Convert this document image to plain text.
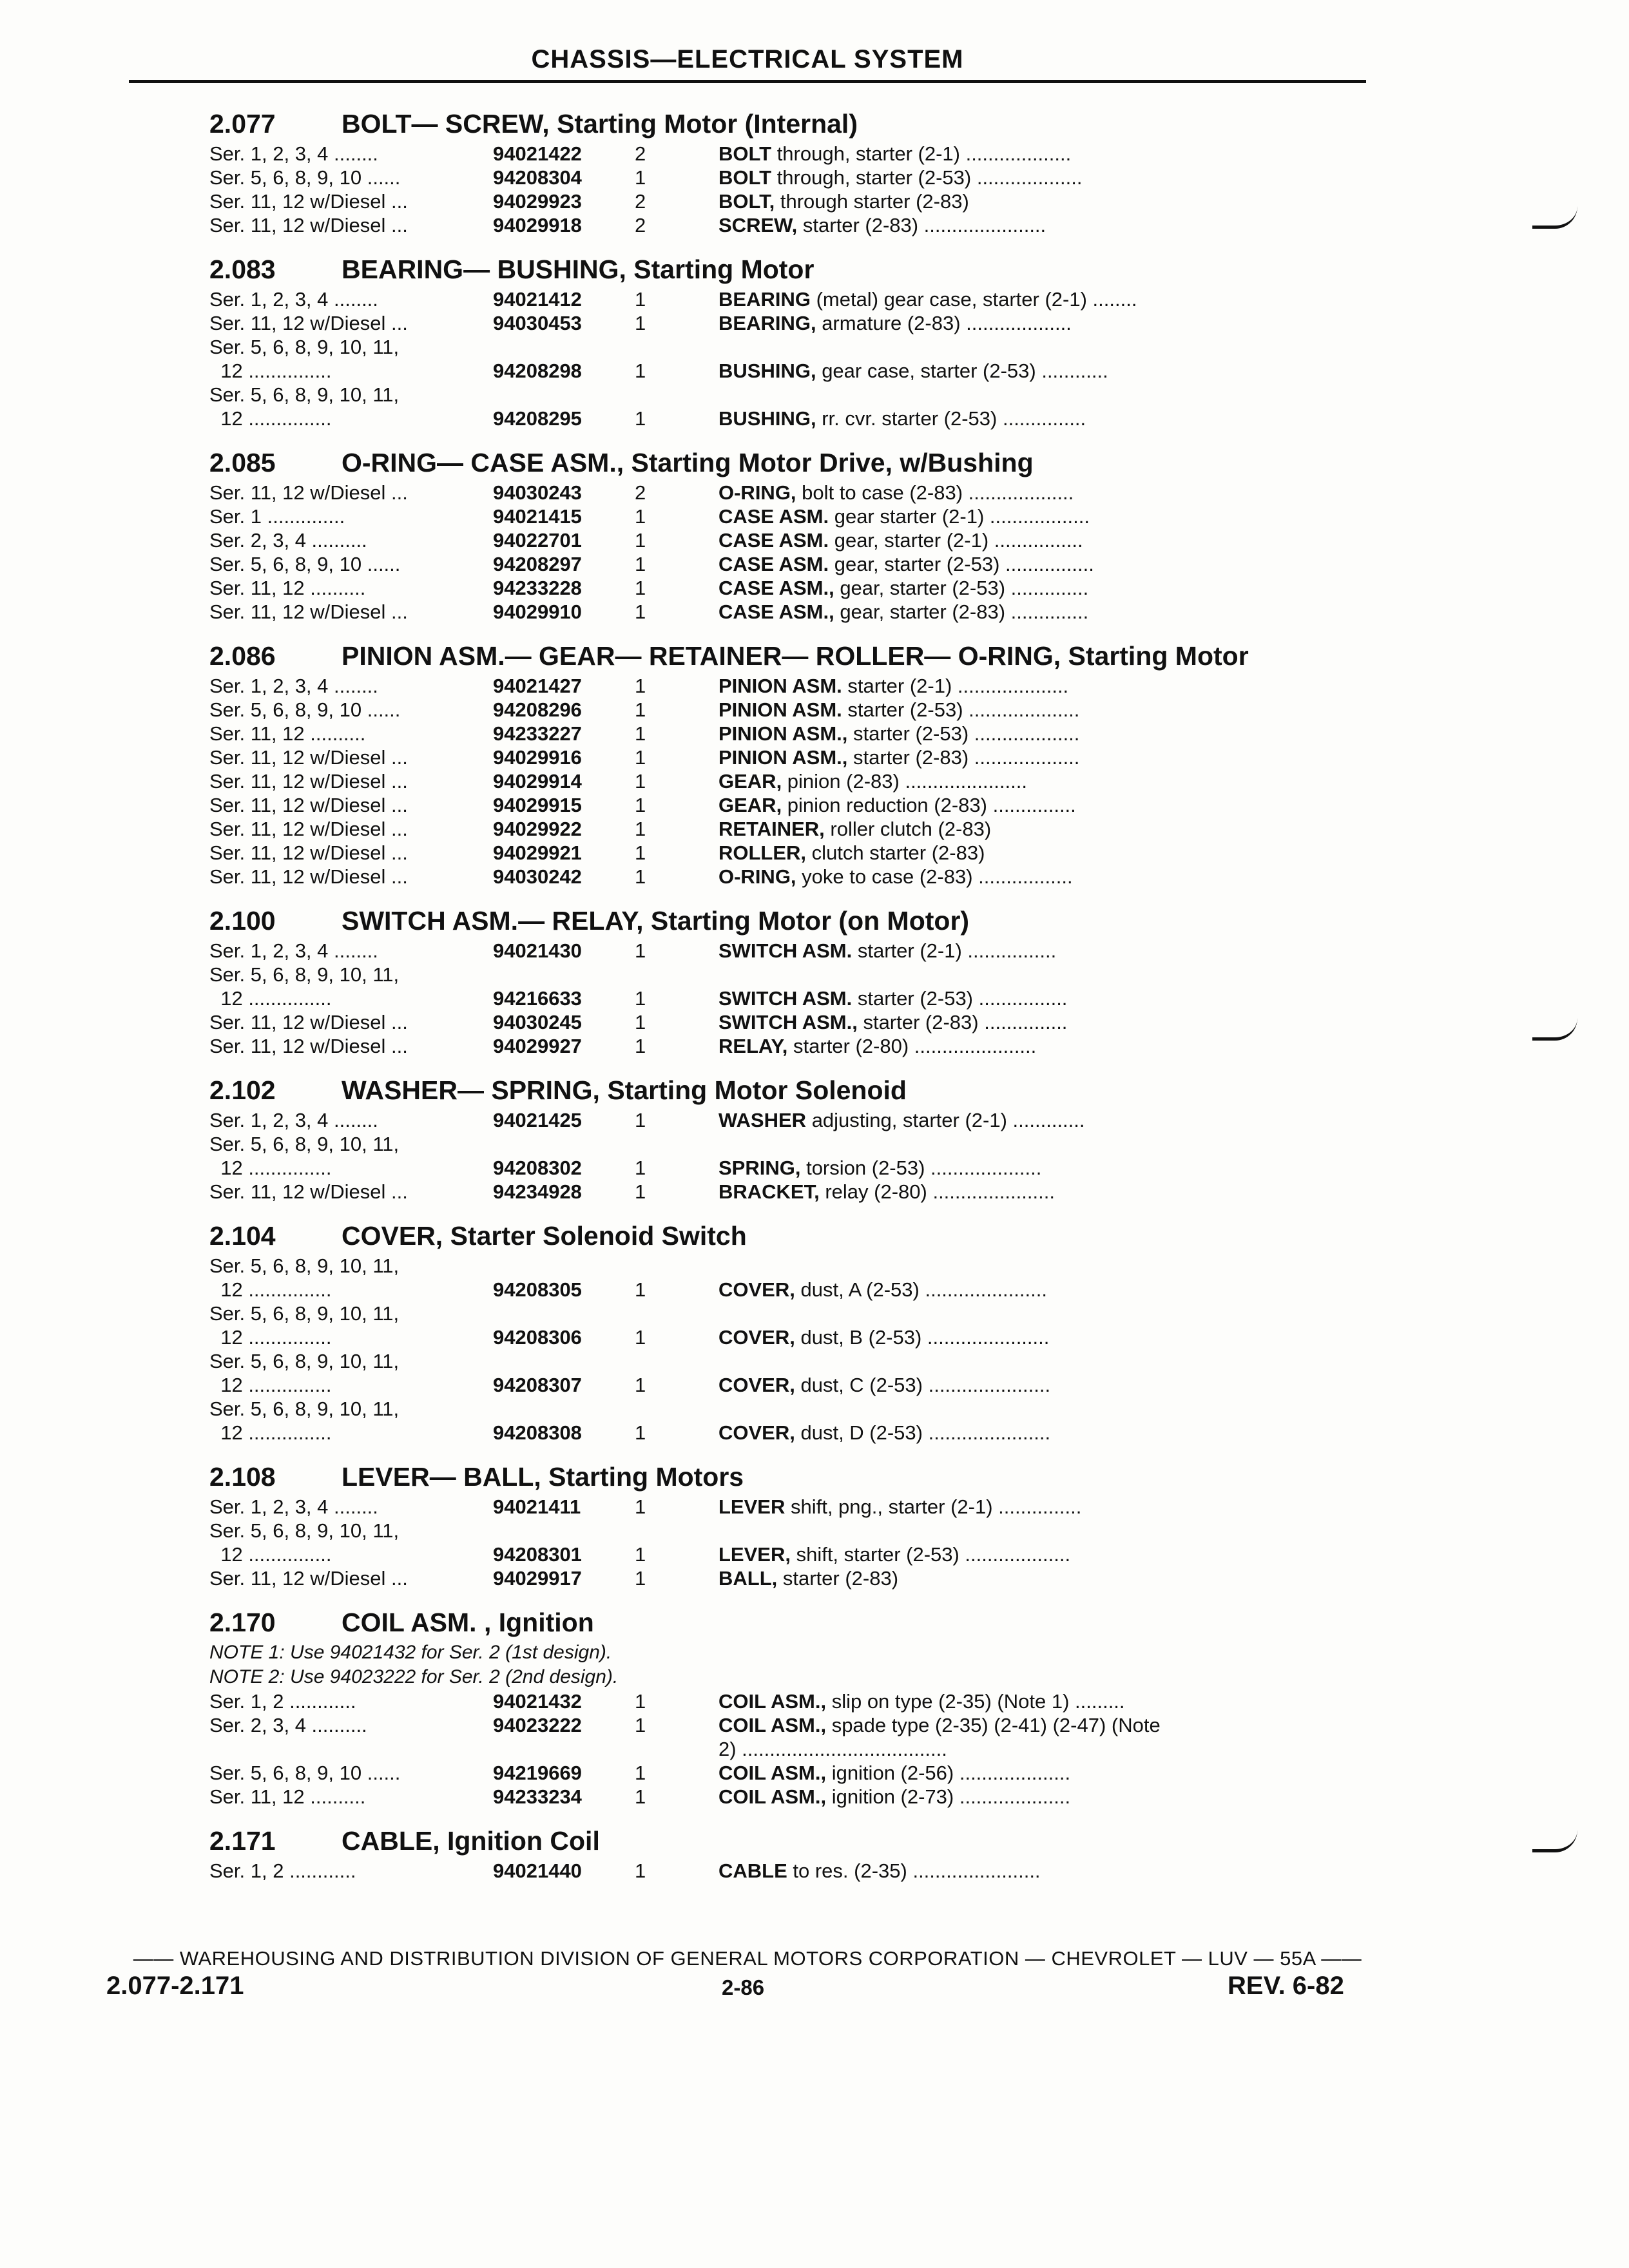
CHASSIS—ELECTRICAL SYSTEM
2.077	BOLT— SCREW, Starting Motor (Internal)
Ser. 1, 2, 3, 4 ........	94021422	2	BOLT through, starter (2-1) ...................
Ser. 5, 6, 8, 9, 10 ......	94208304	1	BOLT through, starter (2-53) ...................
Ser. 11, 12 w/Diesel ...	94029923	2	BOLT, through starter (2-83)
Ser. 11, 12 w/Diesel ...	94029918	2	SCREW, starter (2-83) ......................
2.083	BEARING— BUSHING, Starting Motor
Ser. 1, 2, 3, 4 ........	94021412	1	BEARING (metal) gear case, starter (2-1) ........
Ser. 11, 12 w/Diesel ...	94030453	1	BEARING, armature (2-83) ...................
Ser. 5, 6, 8, 9, 10, 11,
12 ...............	94208298	1	BUSHING, gear case, starter (2-53) ............
Ser. 5, 6, 8, 9, 10, 11,
12 ...............	94208295	1	BUSHING, rr. cvr. starter (2-53) ...............
2.085	O-RING— CASE ASM., Starting Motor Drive, w/Bushing
Ser. 11, 12 w/Diesel ...	94030243	2	O-RING, bolt to case (2-83) ...................
Ser. 1 ..............	94021415	1	CASE ASM. gear starter (2-1) ..................
Ser. 2, 3, 4 ..........	94022701	1	CASE ASM. gear, starter (2-1) ................
Ser. 5, 6, 8, 9, 10 ......	94208297	1	CASE ASM. gear, starter (2-53) ................
Ser. 11, 12 ..........	94233228	1	CASE ASM., gear, starter (2-53) ..............
Ser. 11, 12 w/Diesel ...	94029910	1	CASE ASM., gear, starter (2-83) ..............
2.086	PINION ASM.— GEAR— RETAINER— ROLLER— O-RING, Starting Motor
Ser. 1, 2, 3, 4 ........	94021427	1	PINION ASM. starter (2-1) ....................
Ser. 5, 6, 8, 9, 10 ......	94208296	1	PINION ASM. starter (2-53) ....................
Ser. 11, 12 ..........	94233227	1	PINION ASM., starter (2-53) ...................
Ser. 11, 12 w/Diesel ...	94029916	1	PINION ASM., starter (2-83) ...................
Ser. 11, 12 w/Diesel ...	94029914	1	GEAR, pinion (2-83) ......................
Ser. 11, 12 w/Diesel ...	94029915	1	GEAR, pinion reduction (2-83) ...............
Ser. 11, 12 w/Diesel ...	94029922	1	RETAINER, roller clutch (2-83)
Ser. 11, 12 w/Diesel ...	94029921	1	ROLLER, clutch starter (2-83)
Ser. 11, 12 w/Diesel ...	94030242	1	O-RING, yoke to case (2-83) .................
2.100	SWITCH ASM.— RELAY, Starting Motor (on Motor)
Ser. 1, 2, 3, 4 ........	94021430	1	SWITCH ASM. starter (2-1) ................
Ser. 5, 6, 8, 9, 10, 11,
12 ...............	94216633	1	SWITCH ASM. starter (2-53) ................
Ser. 11, 12 w/Diesel ...	94030245	1	SWITCH ASM., starter (2-83) ...............
Ser. 11, 12 w/Diesel ...	94029927	1	RELAY, starter (2-80) ......................
2.102	WASHER— SPRING, Starting Motor Solenoid
Ser. 1, 2, 3, 4 ........	94021425	1	WASHER adjusting, starter (2-1) .............
Ser. 5, 6, 8, 9, 10, 11,
12 ...............	94208302	1	SPRING, torsion (2-53) ....................
Ser. 11, 12 w/Diesel ...	94234928	1	BRACKET, relay (2-80) ......................
2.104	COVER, Starter Solenoid Switch
Ser. 5, 6, 8, 9, 10, 11,
12 ...............	94208305	1	COVER, dust, A (2-53) ......................
Ser. 5, 6, 8, 9, 10, 11,
12 ...............	94208306	1	COVER, dust, B (2-53) ......................
Ser. 5, 6, 8, 9, 10, 11,
12 ...............	94208307	1	COVER, dust, C (2-53) ......................
Ser. 5, 6, 8, 9, 10, 11,
12 ...............	94208308	1	COVER, dust, D (2-53) ......................
2.108	LEVER— BALL, Starting Motors
Ser. 1, 2, 3, 4 ........	94021411	1	LEVER shift, png., starter (2-1) ...............
Ser. 5, 6, 8, 9, 10, 11,
12 ...............	94208301	1	LEVER, shift, starter (2-53) ...................
Ser. 11, 12 w/Diesel ...	94029917	1	BALL, starter (2-83)
2.170	COIL ASM. , Ignition
NOTE 1: Use 94021432 for Ser. 2 (1st design).
NOTE 2: Use 94023222 for Ser. 2 (2nd design).
Ser. 1, 2 ............	94021432	1	COIL ASM., slip on type (2-35) (Note 1) .........
Ser. 2, 3, 4 ..........	94023222	1	COIL ASM., spade type (2-35) (2-41) (2-47) (Note
2) .....................................
Ser. 5, 6, 8, 9, 10 ......	94219669	1	COIL ASM., ignition (2-56) ....................
Ser. 11, 12 ..........	94233234	1	COIL ASM., ignition (2-73) ....................
2.171	CABLE, Ignition Coil
Ser. 1, 2 ............	94021440	1	CABLE to res. (2-35) .......................
—— WAREHOUSING AND DISTRIBUTION DIVISION OF GENERAL MOTORS CORPORATION — CHEVROLET — LUV — 55A ——
2.077-2.171	2-86	REV. 6-82
